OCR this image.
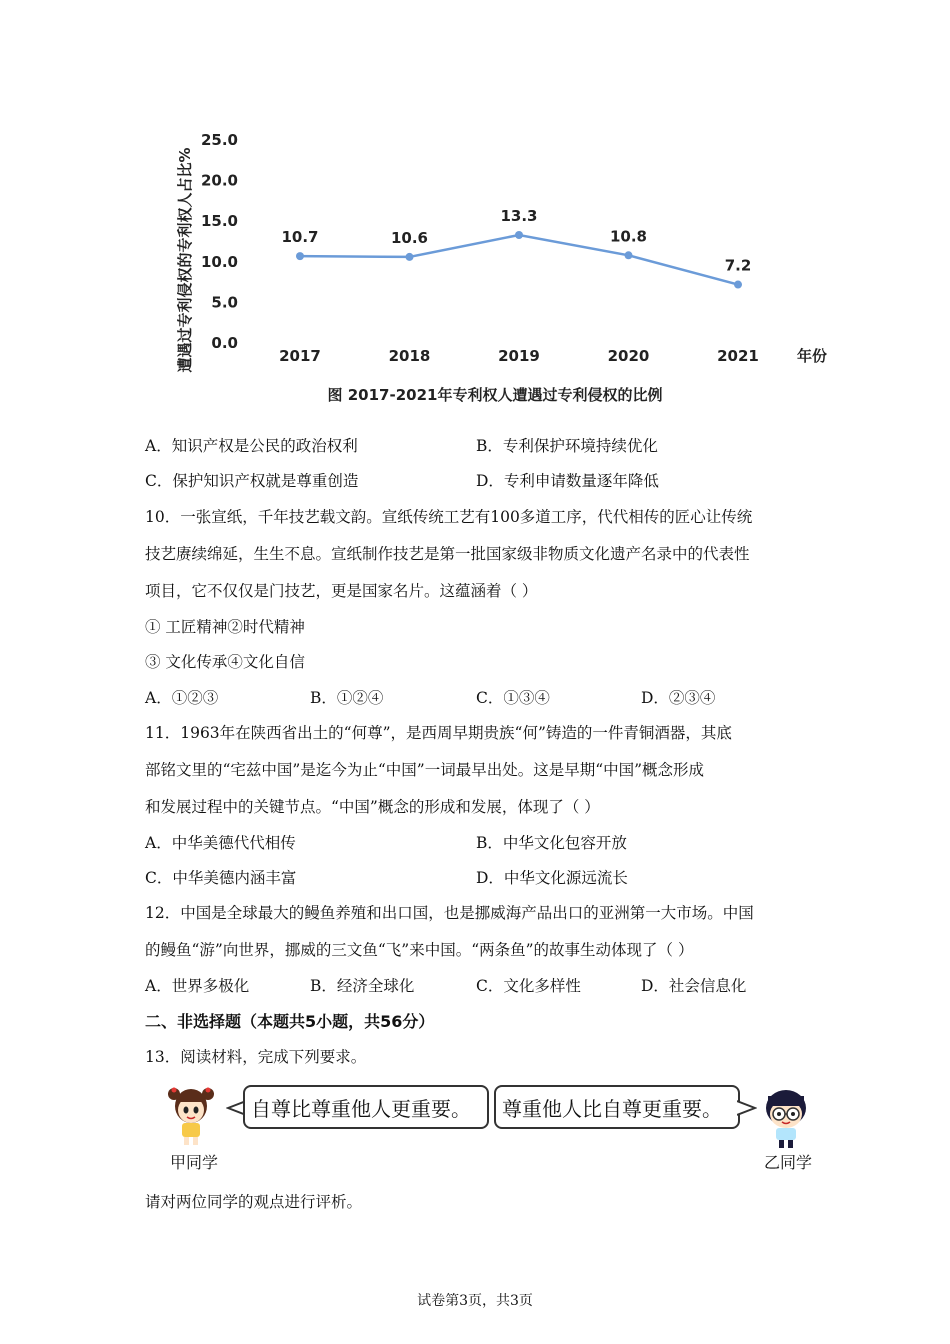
遭遇过专利侵权的专利权人占比% 0.0
5.0
10.0
15.0
20.0
25.0
2017	2018	2019	2020	2021
10.7	10.6
13.3
10.8
7.2
年份
图 2017-2021年专利权人遭遇过专利侵权的比例
A．知识产权是公民的政治权利	B．专利保护环境持续优化
C．保护知识产权就是尊重创造	D．专利申请数量逐年降低
10．一张宣纸，千年技艺载文韵。宣纸传统工艺有100多道工序，代代相传的匠心让传统
技艺赓续绵延，生生不息。宣纸制作技艺是第一批国家级非物质文化遗产名录中的代表性
项目，它不仅仅是门技艺，更是国家名片。这蕴涵着（ ）
① 工匠精神②时代精神
③ 文化传承④文化自信
A．①②③	B．①②④	C．①③④	D．②③④
11．1963年在陕西省出土的“何尊”，是西周早期贵族“何”铸造的一件青铜酒器，其底
部铭文里的“宅兹中国”是迄今为止“中国”一词最早出处。这是早期“中国”概念形成
和发展过程中的关键节点。“中国”概念的形成和发展，体现了（ ）
A．中华美德代代相传	B．中华文化包容开放
C．中华美德内涵丰富	D．中华文化源远流长
12．中国是全球最大的鳗鱼养殖和出口国，也是挪威海产品出口的亚洲第一大市场。中国
的鳗鱼“游”向世界，挪威的三文鱼“飞”来中国。“两条鱼”的故事生动体现了（ ）
A．世界多极化	B．经济全球化	C．文化多样性	D．社会信息化
二、非选择题（本题共5小题，共56分）
13．阅读材料，完成下列要求。
甲同学
自尊比尊重他人更重要。	尊重他人比自尊更重要。
乙同学
请对两位同学的观点进行评析。
试卷第3页，共3页
